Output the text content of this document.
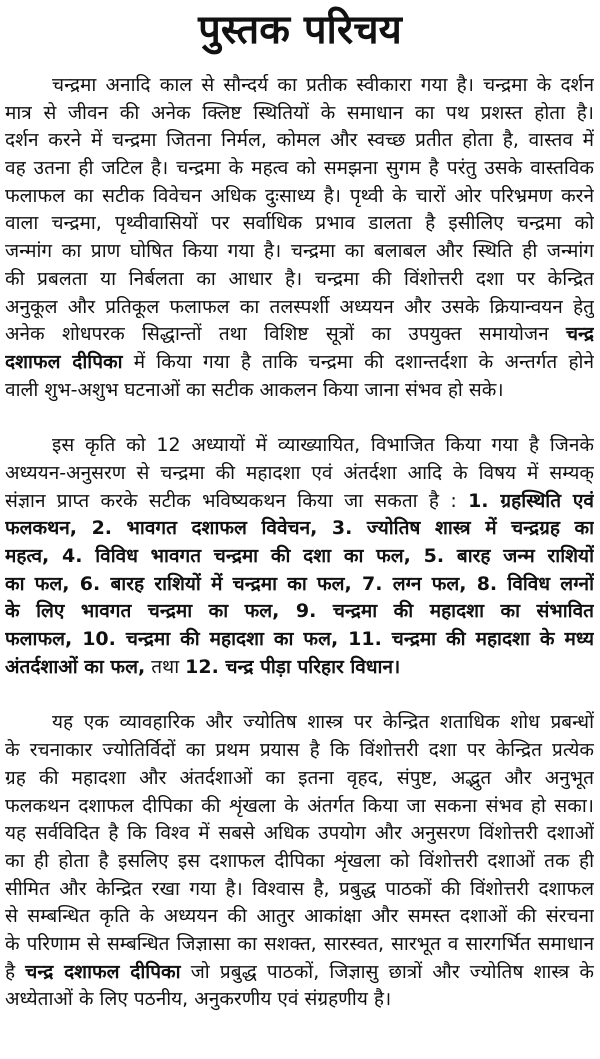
पुस्तक परिचय
चन्द्रमा अनादि काल से सौन्दर्य का प्रतीक स्वीकारा गया है। चन्द्रमा के दर्शन
मात्र से जीवन की अनेक क्लिष्ट स्थितियों के समाधान का पथ प्रशस्त होता है।
दर्शन करने में चन्द्रमा जितना निर्मल, कोमल और स्वच्छ प्रतीत होता है, वास्तव में
वह उतना ही जटिल है। चन्द्रमा के महत्व को समझना सुगम है परंतु उसके वास्तविक
फलाफल का सटीक विवेचन अधिक दुःसाध्य है। पृथ्वी के चारों ओर परिभ्रमण करने
वाला चन्द्रमा, पृथ्वीवासियों पर सर्वाधिक प्रभाव डालता है इसीलिए चन्द्रमा को
जन्मांग का प्राण घोषित किया गया है। चन्द्रमा का बलाबल और स्थिति ही जन्मांग
की प्रबलता या निर्बलता का आधार है। चन्द्रमा की विंशोत्तरी दशा पर केन्द्रित
अनुकूल और प्रतिकूल फलाफल का तलस्पर्शी अध्ययन और उसके क्रियान्वयन हेतु
अनेक शोधपरक सिद्धान्तों तथा विशिष्ट सूत्रों का उपयुक्त समायोजन चन्द्र
दशाफल दीपिका में किया गया है ताकि चन्द्रमा की दशान्तर्दशा के अन्तर्गत होने
वाली शुभ-अशुभ घटनाओं का सटीक आकलन किया जाना संभव हो सके।
इस कृति को 12 अध्यायों में व्याख्यायित, विभाजित किया गया है जिनके
अध्ययन-अनुसरण से चन्द्रमा की महादशा एवं अंतर्दशा आदि के विषय में सम्यक्
संज्ञान प्राप्त करके सटीक भविष्यकथन किया जा सकता है : 1. ग्रहस्थिति एवं
फलकथन, 2. भावगत दशाफल विवेचन, 3. ज्योतिष शास्त्र में चन्द्रग्रह का
महत्व, 4. विविध भावगत चन्द्रमा की दशा का फल, 5. बारह जन्म राशियों
का फल, 6. बारह राशियों में चन्द्रमा का फल, 7. लग्न फल, 8. विविध लग्नों
के लिए भावगत चन्द्रमा का फल, 9. चन्द्रमा की महादशा का संभावित
फलाफल, 10. चन्द्रमा की महादशा का फल, 11. चन्द्रमा की महादशा के मध्य
अंतर्दशाओं का फल, तथा 12. चन्द्र पीड़ा परिहार विधान।
यह एक व्यावहारिक और ज्योतिष शास्त्र पर केन्द्रित शताधिक शोध प्रबन्धों
के रचनाकार ज्योतिर्विदों का प्रथम प्रयास है कि विंशोत्तरी दशा पर केन्द्रित प्रत्येक
ग्रह की महादशा और अंतर्दशाओं का इतना वृहद, संपुष्ट, अद्भुत और अनुभूत
फलकथन दशाफल दीपिका की शृंखला के अंतर्गत किया जा सकना संभव हो सका।
यह सर्वविदित है कि विश्व में सबसे अधिक उपयोग और अनुसरण विंशोत्तरी दशाओं
का ही होता है इसलिए इस दशाफल दीपिका शृंखला को विंशोत्तरी दशाओं तक ही
सीमित और केन्द्रित रखा गया है। विश्वास है, प्रबुद्ध पाठकों की विंशोत्तरी दशाफल
से सम्बन्धित कृति के अध्ययन की आतुर आकांक्षा और समस्त दशाओं की संरचना
के परिणाम से सम्बन्धित जिज्ञासा का सशक्त, सारस्वत, सारभूत व सारगर्भित समाधान
है चन्द्र दशाफल दीपिका जो प्रबुद्ध पाठकों, जिज्ञासु छात्रों और ज्योतिष शास्त्र के
अध्येताओं के लिए पठनीय, अनुकरणीय एवं संग्रहणीय है।
